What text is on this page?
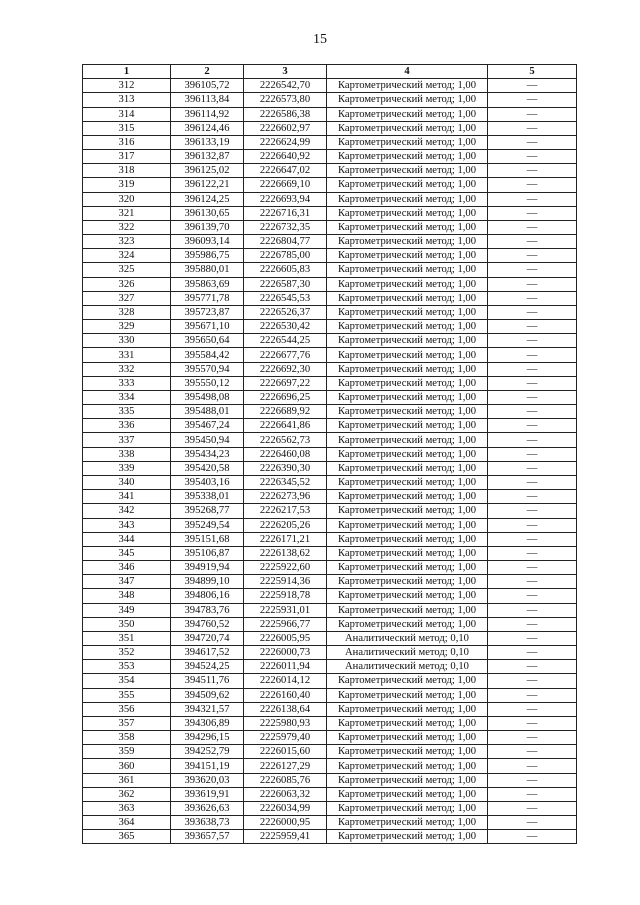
15
1	2	3	4	5
312	396105,72	2226542,70	Картометрический метод; 1,00	—
313	396113,84	2226573,80	Картометрический метод; 1,00	—
314	396114,92	2226586,38	Картометрический метод; 1,00	—
315	396124,46	2226602,97	Картометрический метод; 1,00	—
316	396133,19	2226624,99	Картометрический метод; 1,00	—
317	396132,87	2226640,92	Картометрический метод; 1,00	—
318	396125,02	2226647,02	Картометрический метод; 1,00	—
319	396122,21	2226669,10	Картометрический метод; 1,00	—
320	396124,25	2226693,94	Картометрический метод; 1,00	—
321	396130,65	2226716,31	Картометрический метод; 1,00	—
322	396139,70	2226732,35	Картометрический метод; 1,00	—
323	396093,14	2226804,77	Картометрический метод; 1,00	—
324	395986,75	2226785,00	Картометрический метод; 1,00	—
325	395880,01	2226605,83	Картометрический метод; 1,00	—
326	395863,69	2226587,30	Картометрический метод; 1,00	—
327	395771,78	2226545,53	Картометрический метод; 1,00	—
328	395723,87	2226526,37	Картометрический метод; 1,00	—
329	395671,10	2226530,42	Картометрический метод; 1,00	—
330	395650,64	2226544,25	Картометрический метод; 1,00	—
331	395584,42	2226677,76	Картометрический метод; 1,00	—
332	395570,94	2226692,30	Картометрический метод; 1,00	—
333	395550,12	2226697,22	Картометрический метод; 1,00	—
334	395498,08	2226696,25	Картометрический метод; 1,00	—
335	395488,01	2226689,92	Картометрический метод; 1,00	—
336	395467,24	2226641,86	Картометрический метод; 1,00	—
337	395450,94	2226562,73	Картометрический метод; 1,00	—
338	395434,23	2226460,08	Картометрический метод; 1,00	—
339	395420,58	2226390,30	Картометрический метод; 1,00	—
340	395403,16	2226345,52	Картометрический метод; 1,00	—
341	395338,01	2226273,96	Картометрический метод; 1,00	—
342	395268,77	2226217,53	Картометрический метод; 1,00	—
343	395249,54	2226205,26	Картометрический метод; 1,00	—
344	395151,68	2226171,21	Картометрический метод; 1,00	—
345	395106,87	2226138,62	Картометрический метод; 1,00	—
346	394919,94	2225922,60	Картометрический метод; 1,00	—
347	394899,10	2225914,36	Картометрический метод; 1,00	—
348	394806,16	2225918,78	Картометрический метод; 1,00	—
349	394783,76	2225931,01	Картометрический метод; 1,00	—
350	394760,52	2225966,77	Картометрический метод; 1,00	—
351	394720,74	2226005,95	Аналитический метод; 0,10	—
352	394617,52	2226000,73	Аналитический метод; 0,10	—
353	394524,25	2226011,94	Аналитический метод; 0,10	—
354	394511,76	2226014,12	Картометрический метод; 1,00	—
355	394509,62	2226160,40	Картометрический метод; 1,00	—
356	394321,57	2226138,64	Картометрический метод; 1,00	—
357	394306,89	2225980,93	Картометрический метод; 1,00	—
358	394296,15	2225979,40	Картометрический метод; 1,00	—
359	394252,79	2226015,60	Картометрический метод; 1,00	—
360	394151,19	2226127,29	Картометрический метод; 1,00	—
361	393620,03	2226085,76	Картометрический метод; 1,00	—
362	393619,91	2226063,32	Картометрический метод; 1,00	—
363	393626,63	2226034,99	Картометрический метод; 1,00	—
364	393638,73	2226000,95	Картометрический метод; 1,00	—
365	393657,57	2225959,41	Картометрический метод; 1,00	—
